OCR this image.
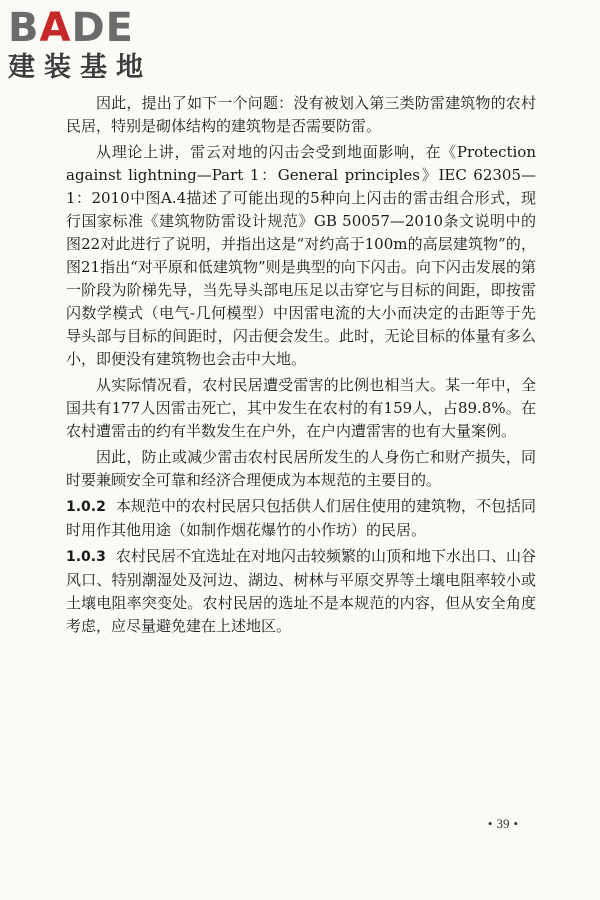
BADE
建装基地

因此，提出了如下一个问题：没有被划入第三类防雷建筑物的农村民居，特别是砌体结构的建筑物是否需要防雷。

从理论上讲，雷云对地的闪击会受到地面影响，在《Protection against lightning—Part 1：General principles》IEC 62305—1：2010中图A.4描述了可能出现的5种向上闪击的雷击组合形式，现行国家标准《建筑物防雷设计规范》GB 50057—2010条文说明中的图22对此进行了说明，并指出这是“对约高于100m的高层建筑物”的，图21指出“对平原和低建筑物”则是典型的向下闪击。向下闪击发展的第一阶段为阶梯先导，当先导头部电压足以击穿它与目标的间距，即按雷闪数学模式（电气-几何模型）中因雷电流的大小而决定的击距等于先导头部与目标的间距时，闪击便会发生。此时，无论目标的体量有多么小，即便没有建筑物也会击中大地。

从实际情况看，农村民居遭受雷害的比例也相当大。某一年中，全国共有177人因雷击死亡，其中发生在农村的有159人，占89.8%。在农村遭雷击的约有半数发生在户外，在户内遭雷害的也有大量案例。

因此，防止或减少雷击农村民居所发生的人身伤亡和财产损失，同时要兼顾安全可靠和经济合理便成为本规范的主要目的。

1.0.2 本规范中的农村民居只包括供人们居住使用的建筑物，不包括同时用作其他用途（如制作烟花爆竹的小作坊）的民居。

1.0.3 农村民居不宜选址在对地闪击较频繁的山顶和地下水出口、山谷风口、特别潮湿处及河边、湖边、树林与平原交界等土壤电阻率较小或土壤电阻率突变处。农村民居的选址不是本规范的内容，但从安全角度考虑，应尽量避免建在上述地区。

• 39 •
